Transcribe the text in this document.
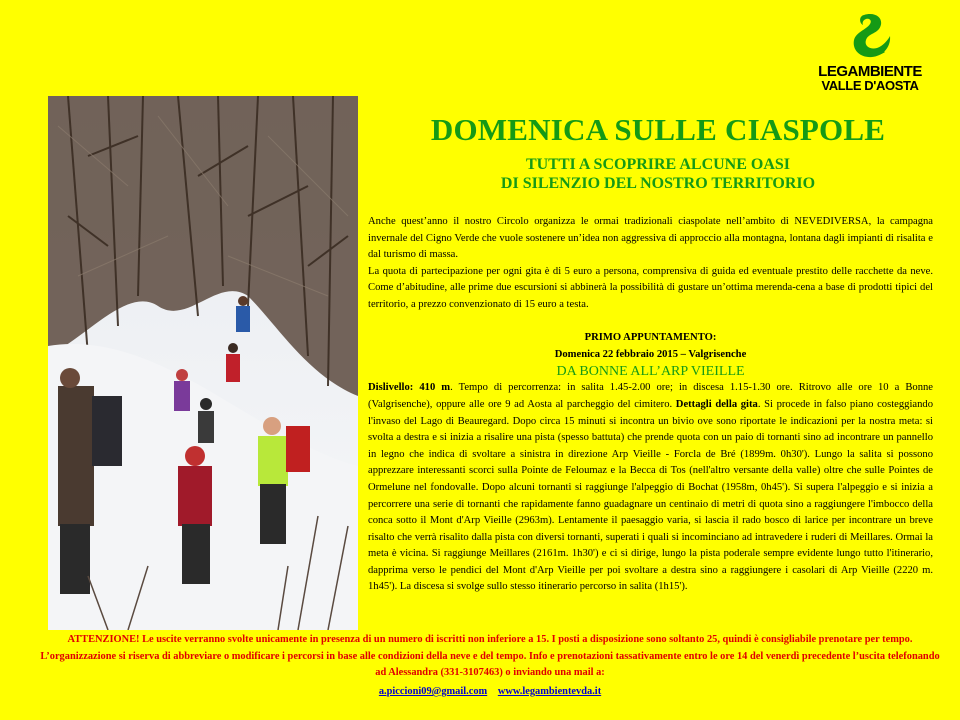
LEGAMBIENTE
VALLE D'AOSTA
DOMENICA SULLE CIASPOLE
TUTTI A SCOPRIRE ALCUNE OASI
DI SILENZIO DEL NOSTRO TERRITORIO

Anche quest’anno il nostro Circolo organizza le ormai tradizionali ciaspolate nell’ambito di NEVEDIVERSA, la campagna invernale del Cigno Verde che vuole sostenere un’idea non aggressiva di approccio alla montagna, lontana dagli impianti di risalita e dal turismo di massa.

La quota di partecipazione per ogni gita è di 5 euro a persona, comprensiva di guida ed eventuale prestito delle racchette da neve. Come d’abitudine, alle prime due escursioni si abbinerà la possibilità di gustare un’ottima merenda-cena a base di prodotti tipici del territorio, a prezzo convenzionato di 15 euro a testa.

PRIMO APPUNTAMENTO:

Domenica 22 febbraio 2015 – Valgrisenche

DA BONNE ALL’ARP VIEILLE

Dislivello: 410 m. Tempo di percorrenza: in salita 1.45-2.00 ore; in discesa 1.15-1.30 ore. Ritrovo alle ore 10 a Bonne (Valgrisenche), oppure alle ore 9 ad Aosta al parcheggio del cimitero. Dettagli della gita. Si procede in falso piano costeggiando l'invaso del Lago di Beauregard. Dopo circa 15 minuti si incontra un bivio ove sono riportate le indicazioni per la nostra meta: si svolta a destra e si inizia a risalire una pista (spesso battuta) che prende quota con un paio di tornanti sino ad incontrare un pannello in legno che indica di svoltare a sinistra in direzione Arp Vieille - Forcla de Bré (1899m. 0h30'). Lungo la salita si possono apprezzare interessanti scorci sulla Pointe de Feloumaz e la Becca di Tos (nell'altro versante della valle) oltre che sulle Pointes de Ormelune nel fondovalle. Dopo alcuni tornanti si raggiunge l'alpeggio di Bochat (1958m, 0h45'). Si supera l'alpeggio e si inizia a percorrere una serie di tornanti che rapidamente fanno guadagnare un centinaio di metri di quota sino a raggiungere l'imbocco della conca sotto il Mont d'Arp Vieille (2963m). Lentamente il paesaggio varia, si lascia il rado bosco di larice per incontrare un breve risalto che verrà risalito dalla pista con diversi tornanti, superati i quali si incominciano ad intravedere i ruderi di Meillares. Ormai la meta è vicina. Si raggiunge Meillares (2161m. 1h30') e ci si dirige, lungo la pista poderale sempre evidente lungo tutto l'itinerario, dapprima verso le pendici del Mont d'Arp Vieille per poi svoltare a destra sino a raggiungere i casolari di Arp Vieille (2220 m. 1h45'). La discesa si svolge sullo stesso itinerario percorso in salita (1h15').

ATTENZIONE! Le uscite verranno svolte unicamente in presenza di un numero di iscritti non inferiore a 15. I posti a disposizione sono soltanto 25, quindi è consigliabile prenotare per tempo. L’organizzazione si riserva di abbreviare o modificare i percorsi in base alle condizioni della neve e del tempo. Info e prenotazioni tassativamente entro le ore 14 del venerdì precedente l’uscita telefonando ad Alessandra (331-3107463) o inviando una mail a:
a.piccioni09@gmail.com www.legambientevda.it
